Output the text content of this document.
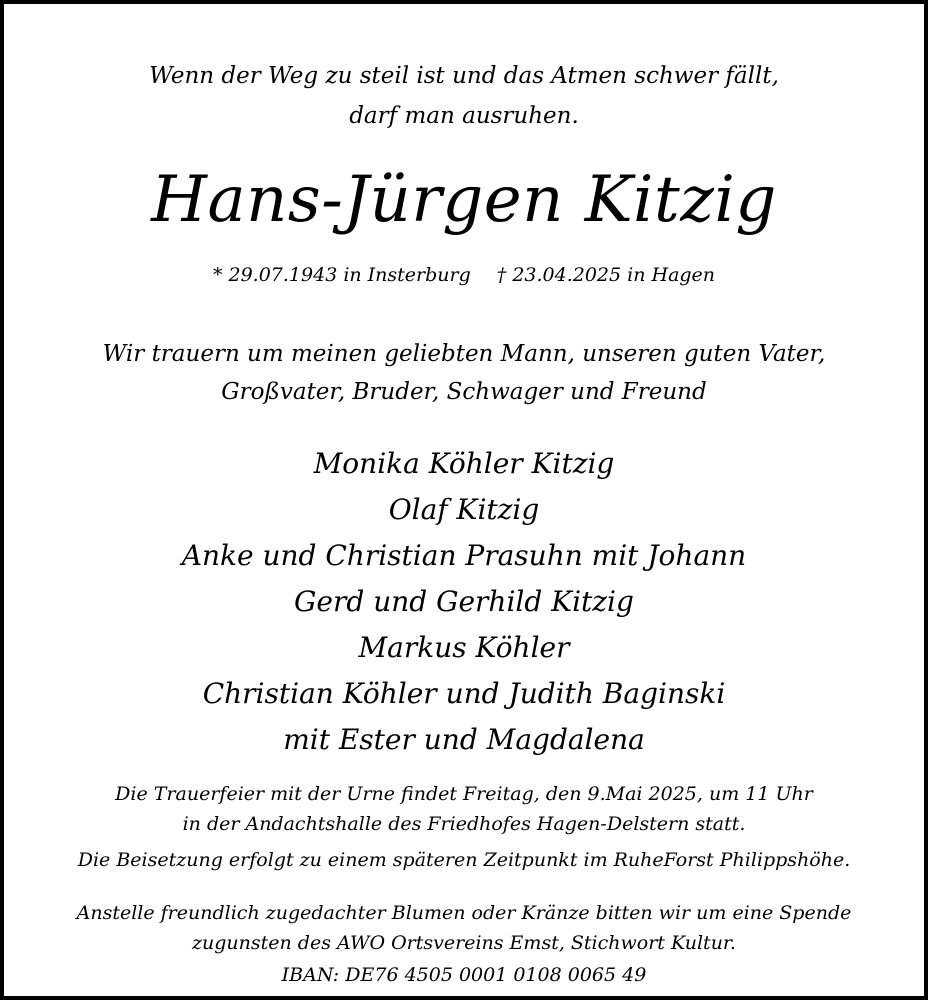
Wenn der Weg zu steil ist und das Atmen schwer fällt,
darf man ausruhen.
Hans-Jürgen Kitzig
* 29.07.1943 in Insterburg † 23.04.2025 in Hagen
Wir trauern um meinen geliebten Mann, unseren guten Vater,
Großvater, Bruder, Schwager und Freund
Monika Köhler Kitzig
Olaf Kitzig
Anke und Christian Prasuhn mit Johann
Gerd und Gerhild Kitzig
Markus Köhler
Christian Köhler und Judith Baginski
mit Ester und Magdalena
Die Trauerfeier mit der Urne findet Freitag, den 9.Mai 2025, um 11 Uhr
in der Andachtshalle des Friedhofes Hagen-Delstern statt.
Die Beisetzung erfolgt zu einem späteren Zeitpunkt im RuheForst Philippshöhe.
Anstelle freundlich zugedachter Blumen oder Kränze bitten wir um eine Spende
zugunsten des AWO Ortsvereins Emst, Stichwort Kultur.
IBAN: DE76 4505 0001 0108 0065 49
